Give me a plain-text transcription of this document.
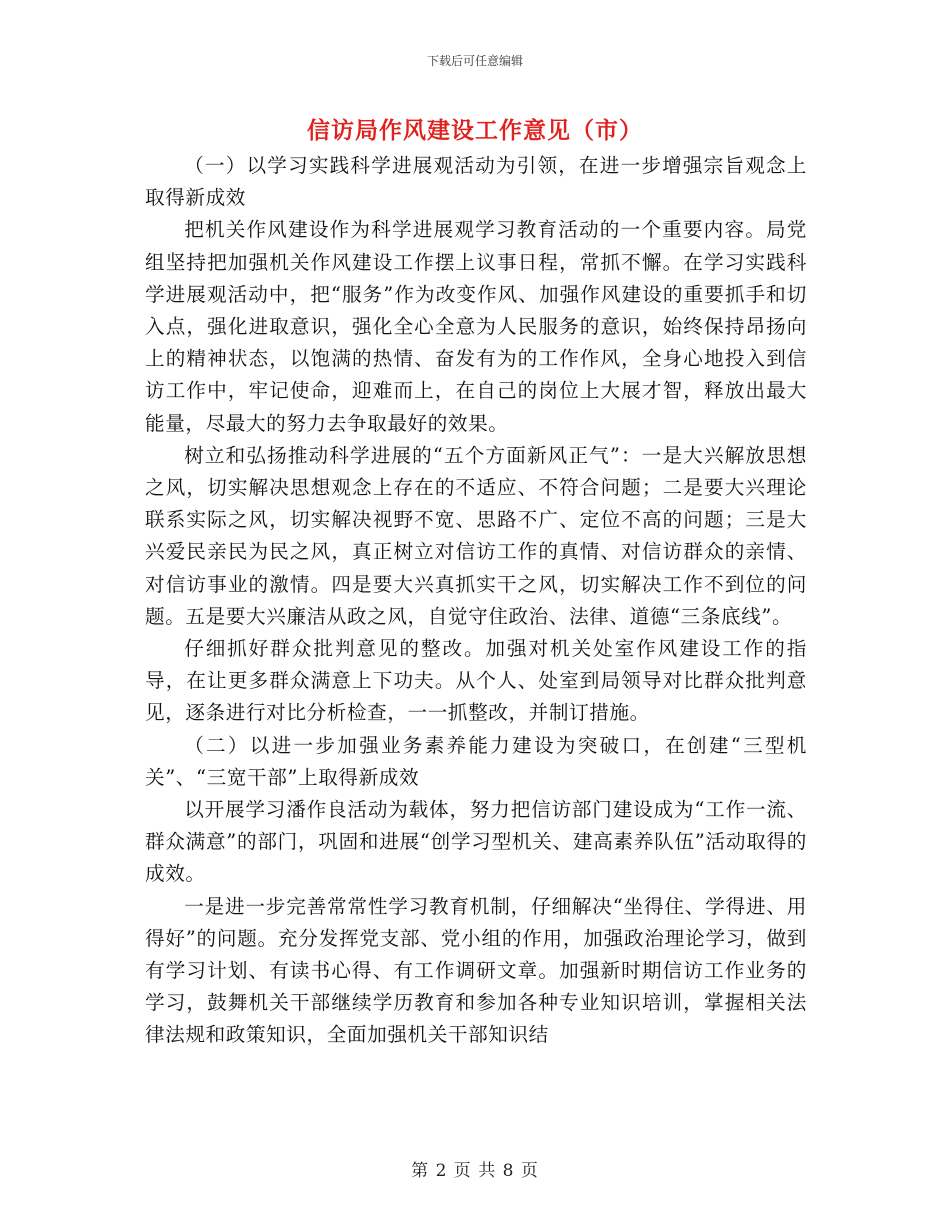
下载后可任意编辑
信访局作风建设工作意见（市）

（一）以学习实践科学进展观活动为引领，在进一步增强宗旨观念上取得新成效

把机关作风建设作为科学进展观学习教育活动的一个重要内容。局党组坚持把加强机关作风建设工作摆上议事日程，常抓不懈。在学习实践科学进展观活动中，把“服务”作为改变作风、加强作风建设的重要抓手和切入点，强化进取意识，强化全心全意为人民服务的意识，始终保持昂扬向上的精神状态，以饱满的热情、奋发有为的工作作风，全身心地投入到信访工作中，牢记使命，迎难而上，在自己的岗位上大展才智，释放出最大能量，尽最大的努力去争取最好的效果。

树立和弘扬推动科学进展的“五个方面新风正气”：一是大兴解放思想之风，切实解决思想观念上存在的不适应、不符合问题；二是要大兴理论联系实际之风，切实解决视野不宽、思路不广、定位不高的问题；三是大兴爱民亲民为民之风，真正树立对信访工作的真情、对信访群众的亲情、对信访事业的激情。四是要大兴真抓实干之风，切实解决工作不到位的问题。五是要大兴廉洁从政之风，自觉守住政治、法律、道德“三条底线”。

仔细抓好群众批判意见的整改。加强对机关处室作风建设工作的指导，在让更多群众满意上下功夫。从个人、处室到局领导对比群众批判意见，逐条进行对比分析检查，一一抓整改，并制订措施。

（二）以进一步加强业务素养能力建设为突破口，在创建“三型机关”、“三宽干部”上取得新成效

以开展学习潘作良活动为载体，努力把信访部门建设成为“工作一流、群众满意”的部门，巩固和进展“创学习型机关、建高素养队伍”活动取得的成效。

一是进一步完善常常性学习教育机制，仔细解决“坐得住、学得进、用得好”的问题。充分发挥党支部、党小组的作用，加强政治理论学习，做到有学习计划、有读书心得、有工作调研文章。加强新时期信访工作业务的学习，鼓舞机关干部继续学历教育和参加各种专业知识培训，掌握相关法律法规和政策知识，全面加强机关干部知识结

第 2 页 共 8 页
